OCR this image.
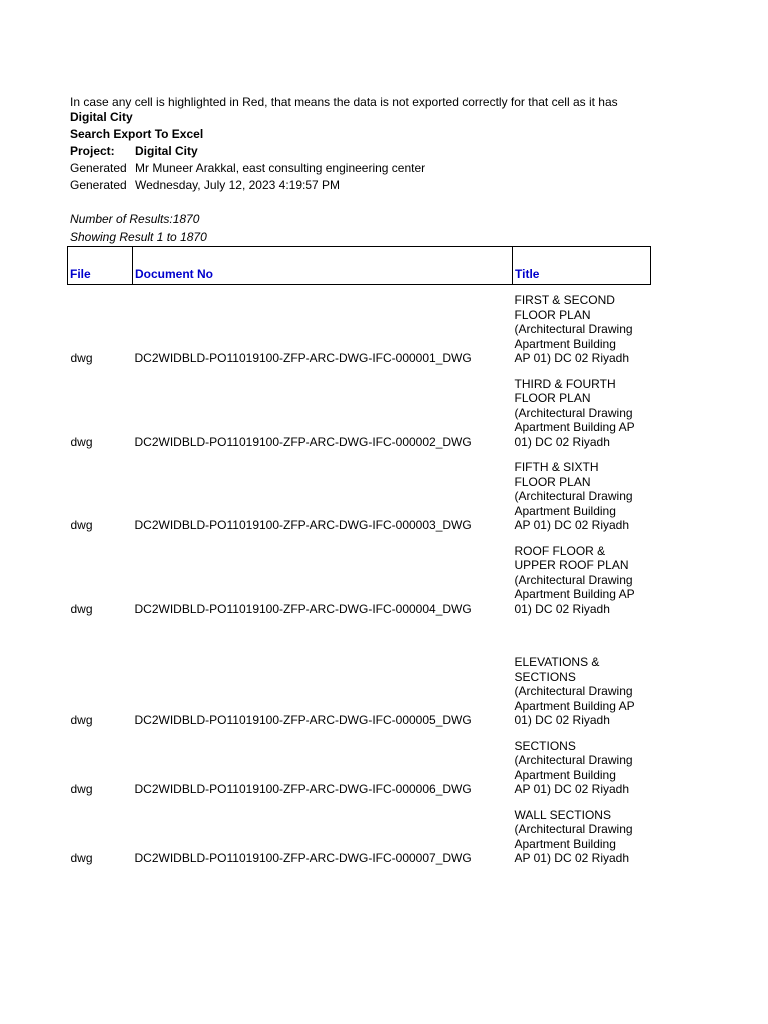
In case any cell is highlighted in Red, that means the data is not exported correctly for that cell as it has
Digital City
Search Export To Excel
Project: Digital City
Generated Mr Muneer Arakkal, east consulting engineering center
Generated Wednesday, July 12, 2023 4:19:57 PM
Number of Results:1870
Showing Result 1 to 1870
File	Document No	Title
dwg	DC2WIDBLD-PO11019100-ZFP-ARC-DWG-IFC-000001_DWG	FIRST & SECOND
FLOOR PLAN
(Architectural Drawing
Apartment Building
AP 01) DC 02 Riyadh
dwg	DC2WIDBLD-PO11019100-ZFP-ARC-DWG-IFC-000002_DWG	THIRD & FOURTH
FLOOR PLAN
(Architectural Drawing
Apartment Building AP
01) DC 02 Riyadh
dwg	DC2WIDBLD-PO11019100-ZFP-ARC-DWG-IFC-000003_DWG	FIFTH & SIXTH
FLOOR PLAN
(Architectural Drawing
Apartment Building
AP 01) DC 02 Riyadh
dwg	DC2WIDBLD-PO11019100-ZFP-ARC-DWG-IFC-000004_DWG	ROOF FLOOR &
UPPER ROOF PLAN
(Architectural Drawing
Apartment Building AP
01) DC 02 Riyadh
dwg	DC2WIDBLD-PO11019100-ZFP-ARC-DWG-IFC-000005_DWG	ELEVATIONS &
SECTIONS
(Architectural Drawing
Apartment Building AP
01) DC 02 Riyadh
dwg	DC2WIDBLD-PO11019100-ZFP-ARC-DWG-IFC-000006_DWG	SECTIONS
(Architectural Drawing
Apartment Building
AP 01) DC 02 Riyadh
dwg	DC2WIDBLD-PO11019100-ZFP-ARC-DWG-IFC-000007_DWG	WALL SECTIONS
(Architectural Drawing
Apartment Building
AP 01) DC 02 Riyadh
